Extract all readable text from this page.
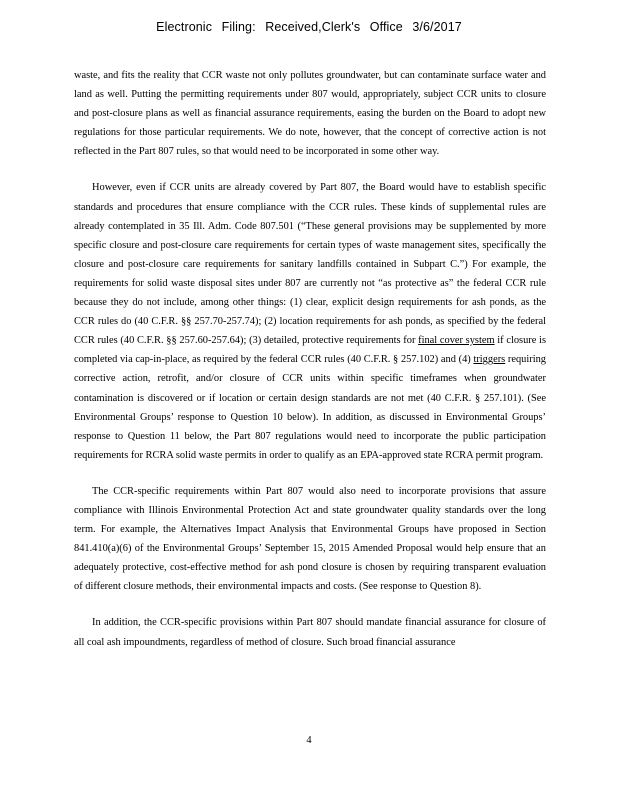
Electronic Filing: Received,Clerk's Office 3/6/2017

waste, and fits the reality that CCR waste not only pollutes groundwater, but can contaminate surface water and land as well. Putting the permitting requirements under 807 would, appropriately, subject CCR units to closure and post-closure plans as well as financial assurance requirements, easing the burden on the Board to adopt new regulations for those particular requirements. We do note, however, that the concept of corrective action is not reflected in the Part 807 rules, so that would need to be incorporated in some other way.

However, even if CCR units are already covered by Part 807, the Board would have to establish specific standards and procedures that ensure compliance with the CCR rules. These kinds of supplemental rules are already contemplated in 35 Ill. Adm. Code 807.501 (“These general provisions may be supplemented by more specific closure and post-closure care requirements for certain types of waste management sites, specifically the closure and post-closure care requirements for sanitary landfills contained in Subpart C.”) For example, the requirements for solid waste disposal sites under 807 are currently not “as protective as” the federal CCR rule because they do not include, among other things: (1) clear, explicit design requirements for ash ponds, as the CCR rules do (40 C.F.R. §§ 257.70-257.74); (2) location requirements for ash ponds, as specified by the federal CCR rules (40 C.F.R. §§ 257.60-257.64); (3) detailed, protective requirements for final cover system if closure is completed via cap-in-place, as required by the federal CCR rules (40 C.F.R. § 257.102) and (4) triggers requiring corrective action, retrofit, and/or closure of CCR units within specific timeframes when groundwater contamination is discovered or if location or certain design standards are not met (40 C.F.R. § 257.101). (See Environmental Groups’ response to Question 10 below). In addition, as discussed in Environmental Groups’ response to Question 11 below, the Part 807 regulations would need to incorporate the public participation requirements for RCRA solid waste permits in order to qualify as an EPA-approved state RCRA permit program.

The CCR-specific requirements within Part 807 would also need to incorporate provisions that assure compliance with Illinois Environmental Protection Act and state groundwater quality standards over the long term. For example, the Alternatives Impact Analysis that Environmental Groups have proposed in Section 841.410(a)(6) of the Environmental Groups’ September 15, 2015 Amended Proposal would help ensure that an adequately protective, cost-effective method for ash pond closure is chosen by requiring transparent evaluation of different closure methods, their environmental impacts and costs. (See response to Question 8).

In addition, the CCR-specific provisions within Part 807 should mandate financial assurance for closure of all coal ash impoundments, regardless of method of closure. Such broad financial assurance

4
